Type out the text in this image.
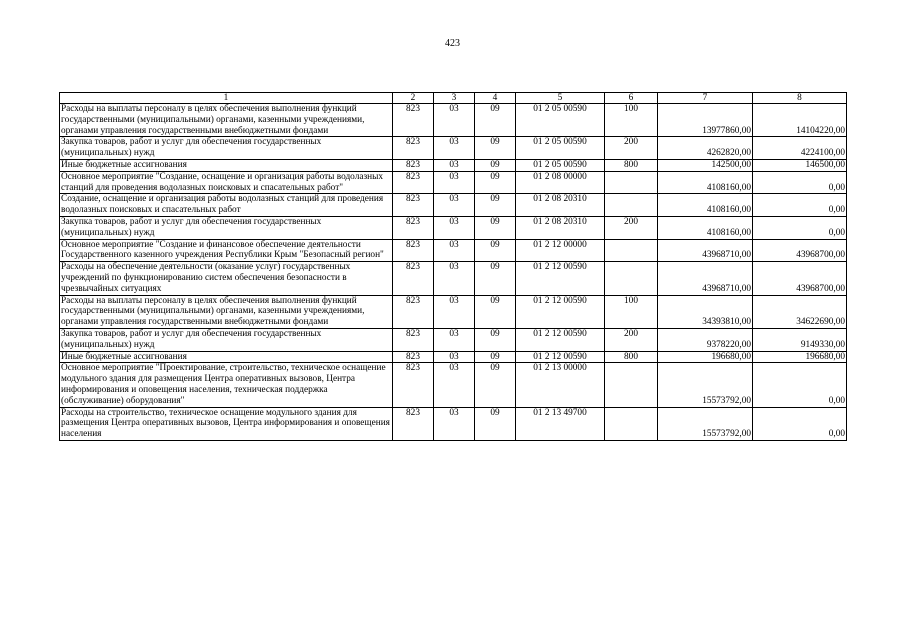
423
1	2	3	4	5	6	7	8
Расходы на выплаты персоналу в целях обеспечения выполнения функций государственными (муниципальными) органами, казенными учреждениями, органами управления государственными внебюджетными фондами	823	03	09	01 2 05 00590	100	13977860,00	14104220,00
Закупка товаров, работ и услуг для обеспечения государственных (муниципальных) нужд	823	03	09	01 2 05 00590	200	4262820,00	4224100,00
Иные бюджетные ассигнования	823	03	09	01 2 05 00590	800	142500,00	146500,00
Основное мероприятие "Создание, оснащение и организация работы водолазных станций для проведения водолазных поисковых и спасательных работ"	823	03	09	01 2 08 00000		4108160,00	0,00
Создание, оснащение и организация работы водолазных станций для проведения водолазных поисковых и спасательных работ	823	03	09	01 2 08 20310		4108160,00	0,00
Закупка товаров, работ и услуг для обеспечения государственных (муниципальных) нужд	823	03	09	01 2 08 20310	200	4108160,00	0,00
Основное мероприятие "Создание и финансовое обеспечение деятельности Государственного казенного учреждения Республики Крым "Безопасный регион"	823	03	09	01 2 12 00000		43968710,00	43968700,00
Расходы на обеспечение деятельности (оказание услуг) государственных учреждений по функционированию систем обеспечения безопасности в чрезвычайных ситуациях	823	03	09	01 2 12 00590		43968710,00	43968700,00
Расходы на выплаты персоналу в целях обеспечения выполнения функций государственными (муниципальными) органами, казенными учреждениями, органами управления государственными внебюджетными фондами	823	03	09	01 2 12 00590	100	34393810,00	34622690,00
Закупка товаров, работ и услуг для обеспечения государственных (муниципальных) нужд	823	03	09	01 2 12 00590	200	9378220,00	9149330,00
Иные бюджетные ассигнования	823	03	09	01 2 12 00590	800	196680,00	196680,00
Основное мероприятие "Проектирование, строительство, техническое оснащение модульного здания для размещения Центра оперативных вызовов, Центра информирования и оповещения населения, техническая поддержка (обслуживание) оборудования"	823	03	09	01 2 13 00000		15573792,00	0,00
Расходы на строительство, техническое оснащение модульного здания для размещения Центра оперативных вызовов, Центра информирования и оповещения населения	823	03	09	01 2 13 49700		15573792,00	0,00
